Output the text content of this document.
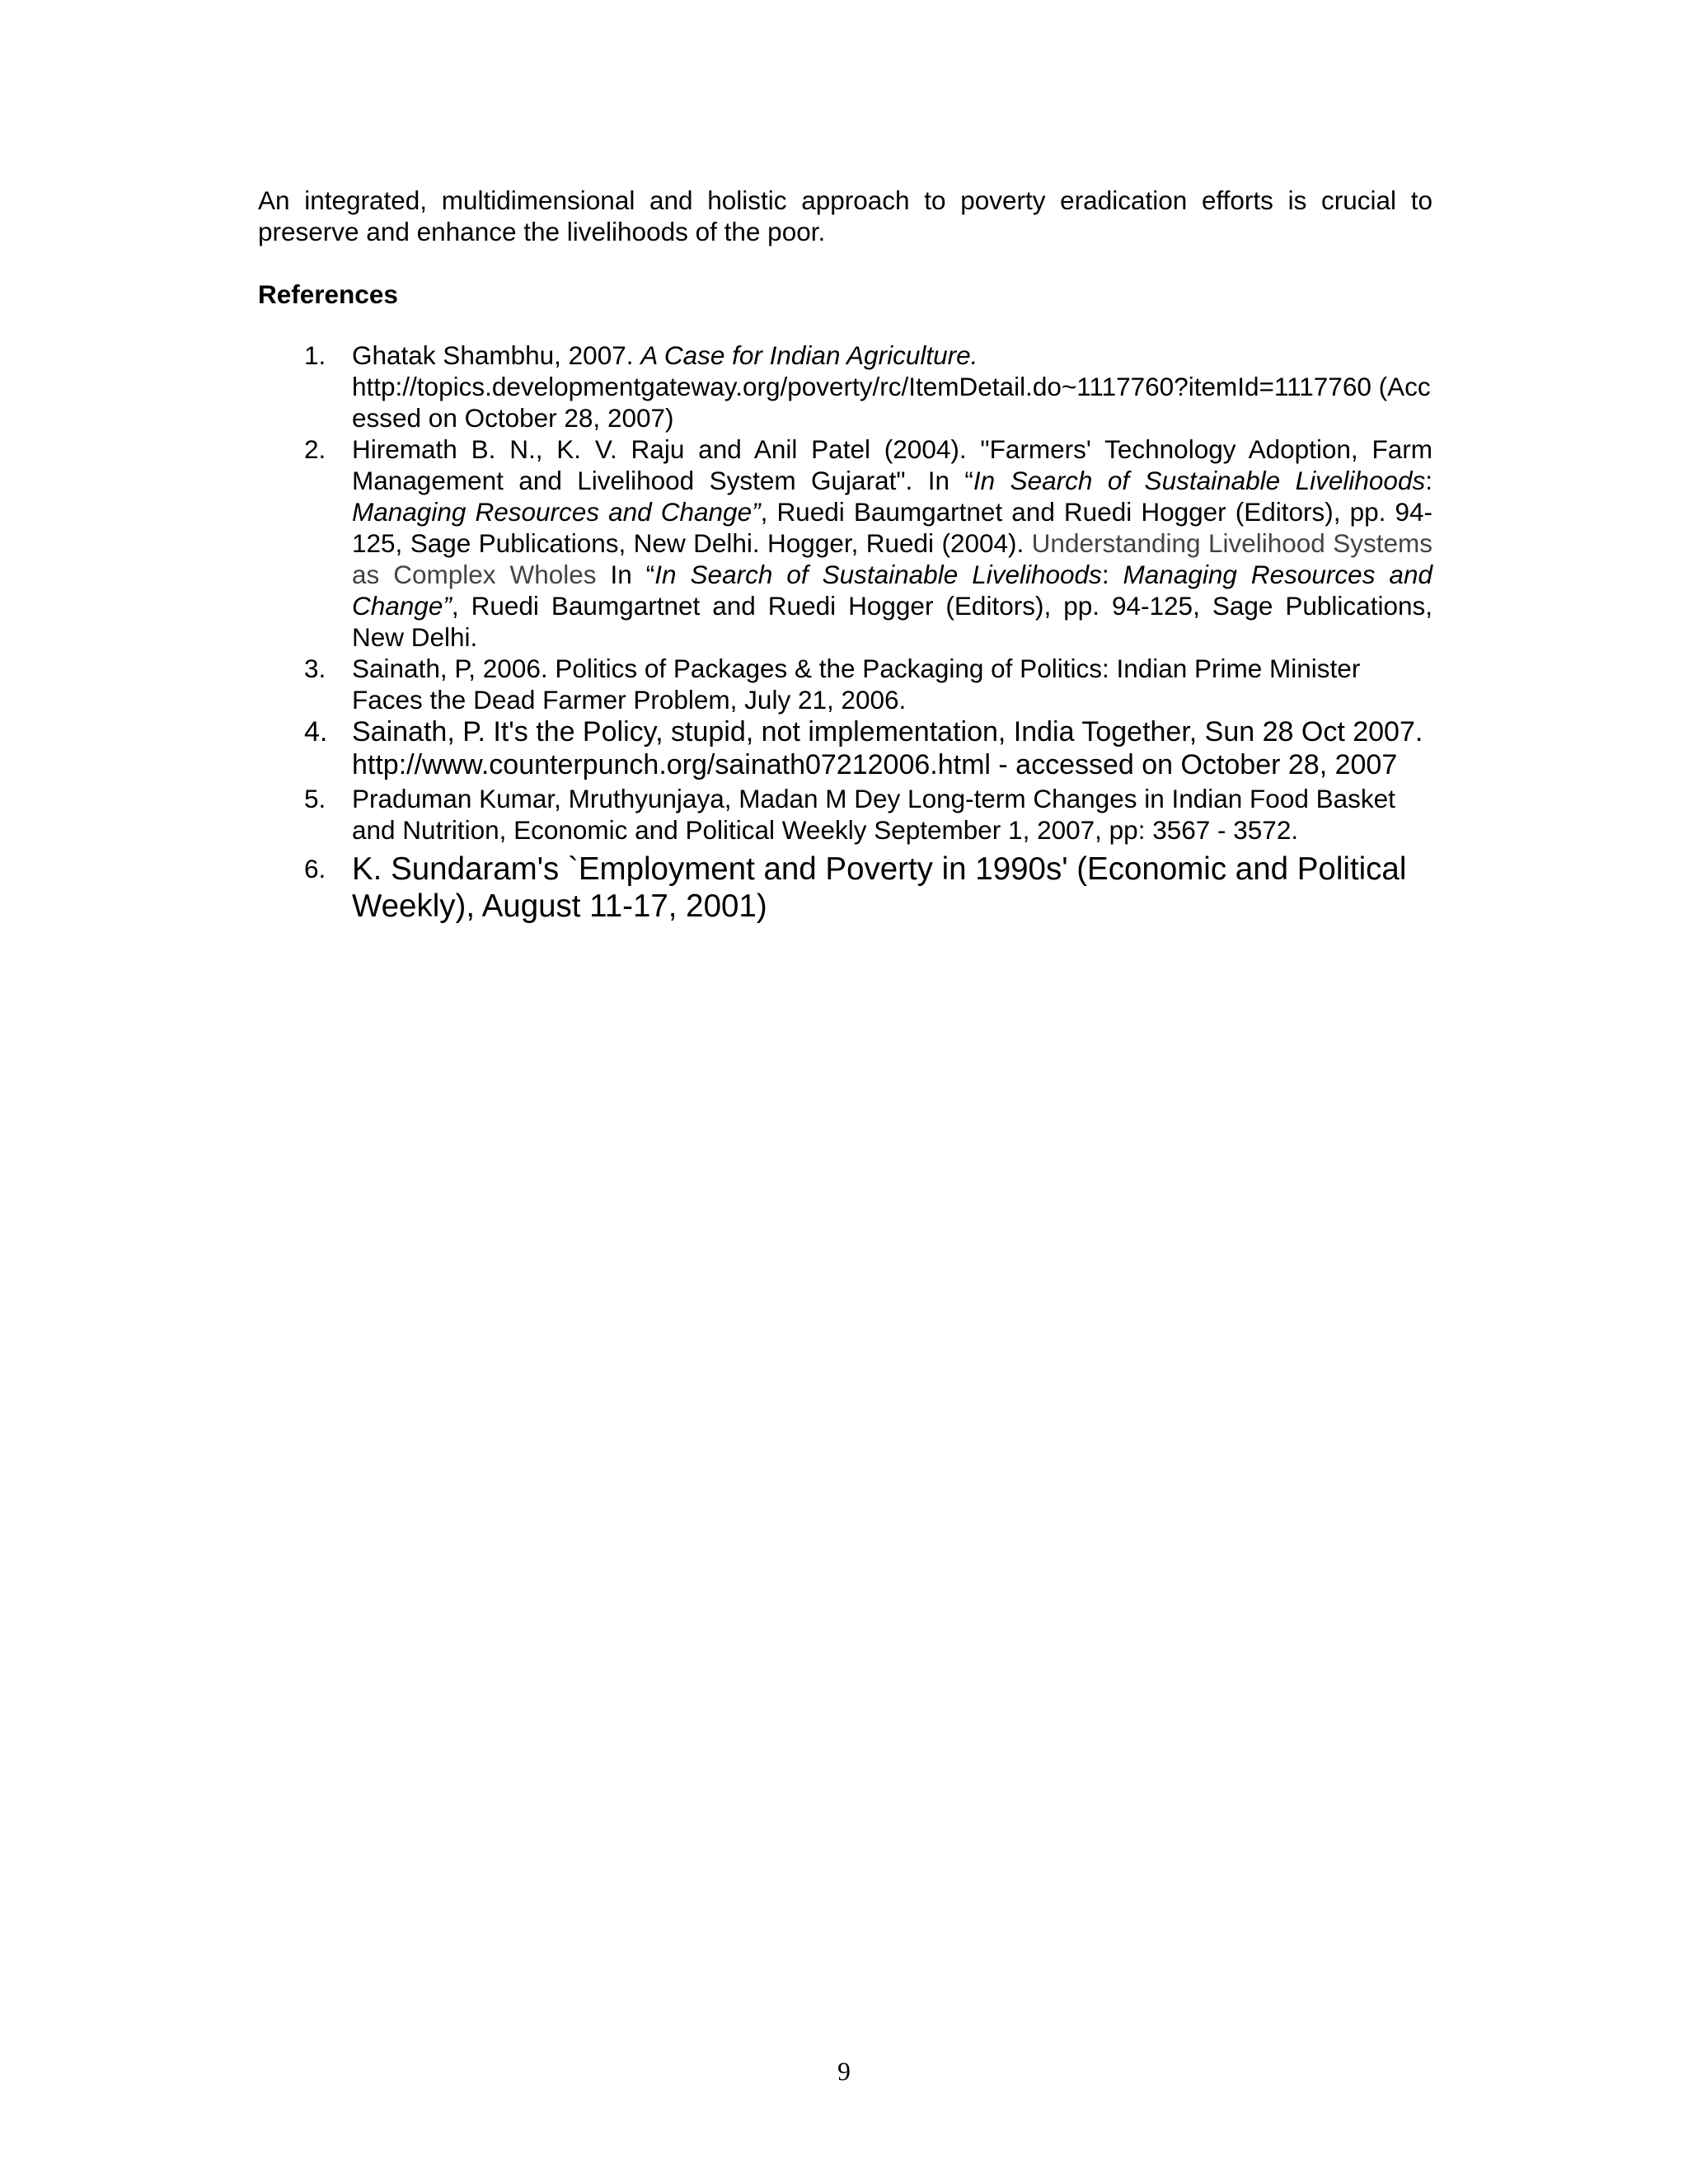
An integrated, multidimensional and holistic approach to poverty eradication efforts is crucial to preserve and enhance the livelihoods of the poor.

References
1. Ghatak Shambhu, 2007. A Case for Indian Agriculture.
http://topics.developmentgateway.org/poverty/rc/ItemDetail.do~1117760?itemId=1117760 (Accessed on October 28, 2007)
2. Hiremath B. N., K. V. Raju and Anil Patel (2004). "Farmers' Technology Adoption, Farm Management and Livelihood System Gujarat". In “In Search of Sustainable Livelihoods: Managing Resources and Change”, Ruedi Baumgartnet and Ruedi Hogger (Editors), pp. 94-125, Sage Publications, New Delhi. Hogger, Ruedi (2004). Understanding Livelihood Systems as Complex Wholes In “In Search of Sustainable Livelihoods: Managing Resources and Change”, Ruedi Baumgartnet and Ruedi Hogger (Editors), pp. 94-125, Sage Publications, New Delhi.
3. Sainath, P, 2006. Politics of Packages & the Packaging of Politics: Indian Prime Minister Faces the Dead Farmer Problem, July 21, 2006.
4. Sainath, P. It's the Policy, stupid, not implementation, India Together, Sun 28 Oct 2007. http://www.counterpunch.org/sainath07212006.html - accessed on October 28, 2007
5. Praduman Kumar, Mruthyunjaya, Madan M Dey Long-term Changes in Indian Food Basket and Nutrition, Economic and Political Weekly September 1, 2007, pp: 3567 - 3572.
6. K. Sundaram's `Employment and Poverty in 1990s' (Economic and Political Weekly), August 11-17, 2001)
9
